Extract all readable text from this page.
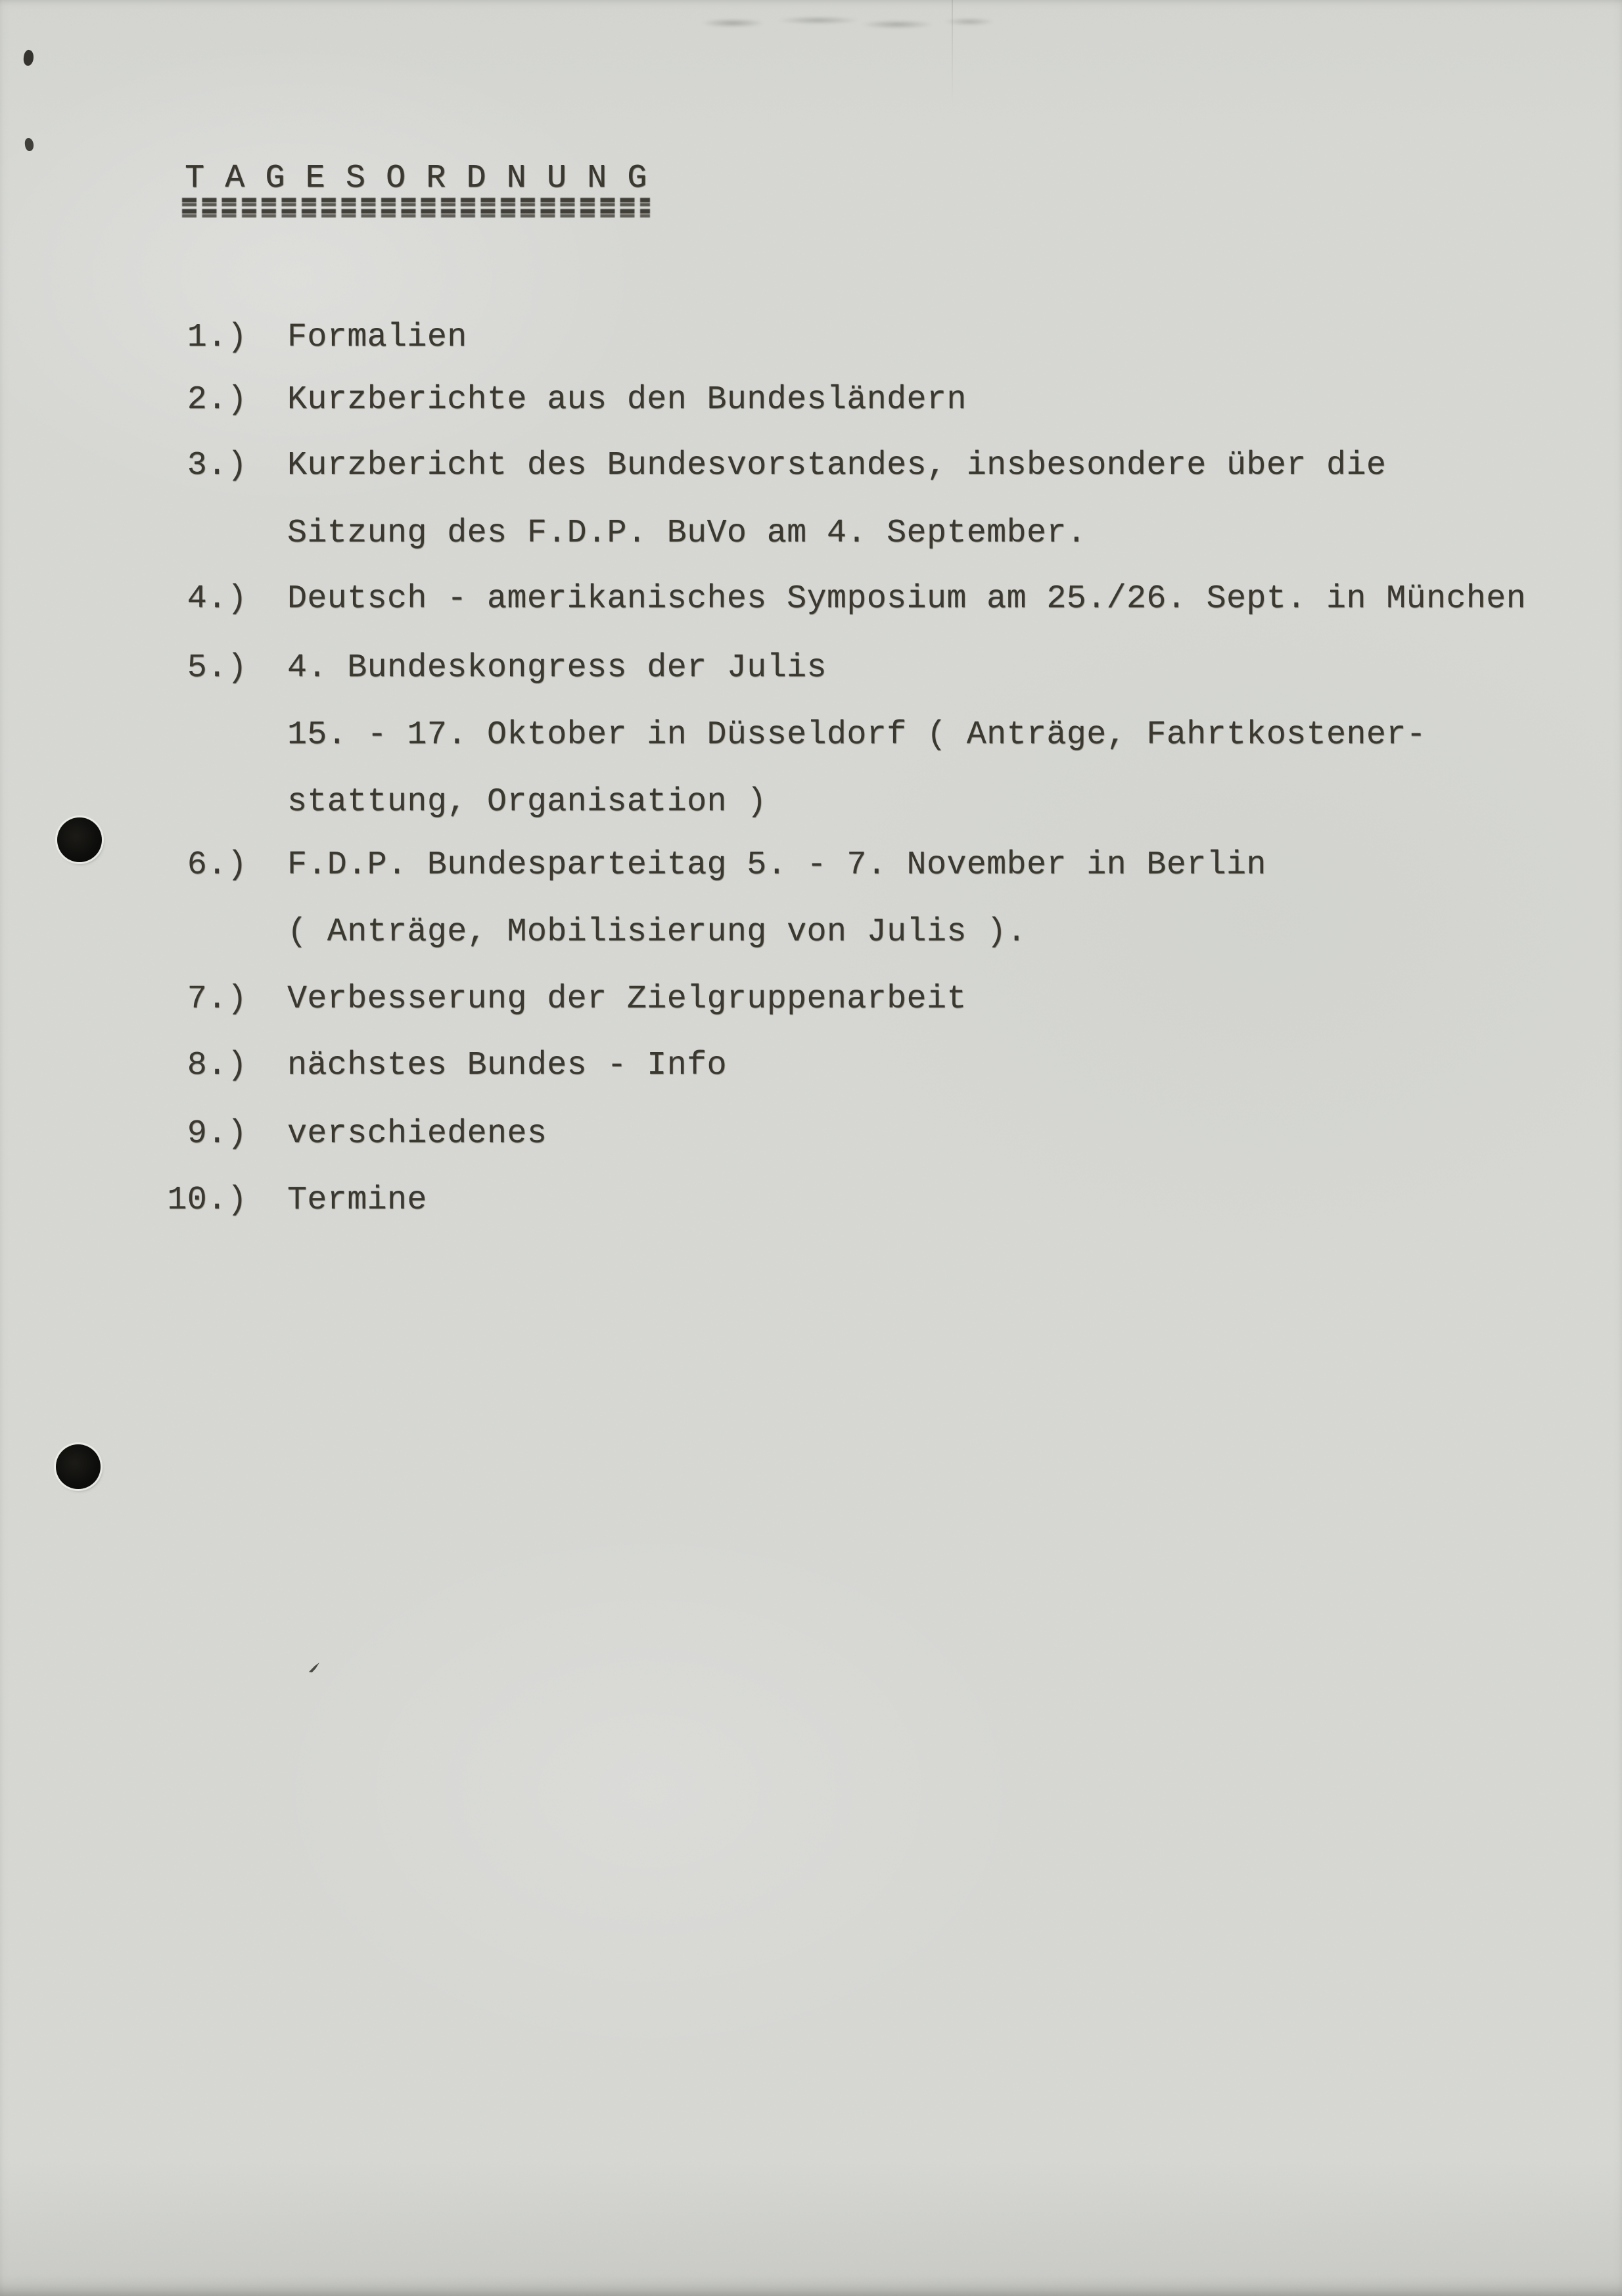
T A G E S O R D N U N G
1.) Formalien
2.) Kurzberichte aus den Bundesländern
3.) Kurzbericht des Bundesvorstandes, insbesondere über die
Sitzung des F.D.P. BuVo am 4. September.
4.) Deutsch - amerikanisches Symposium am 25./26. Sept. in München
5.) 4. Bundeskongress der Julis
15. - 17. Oktober in Düsseldorf ( Anträge, Fahrtkostener-
stattung, Organisation )
6.) F.D.P. Bundesparteitag 5. - 7. November in Berlin
( Anträge, Mobilisierung von Julis ).
7.) Verbesserung der Zielgruppenarbeit
8.) nächstes Bundes - Info
9.) verschiedenes
10.) Termine
